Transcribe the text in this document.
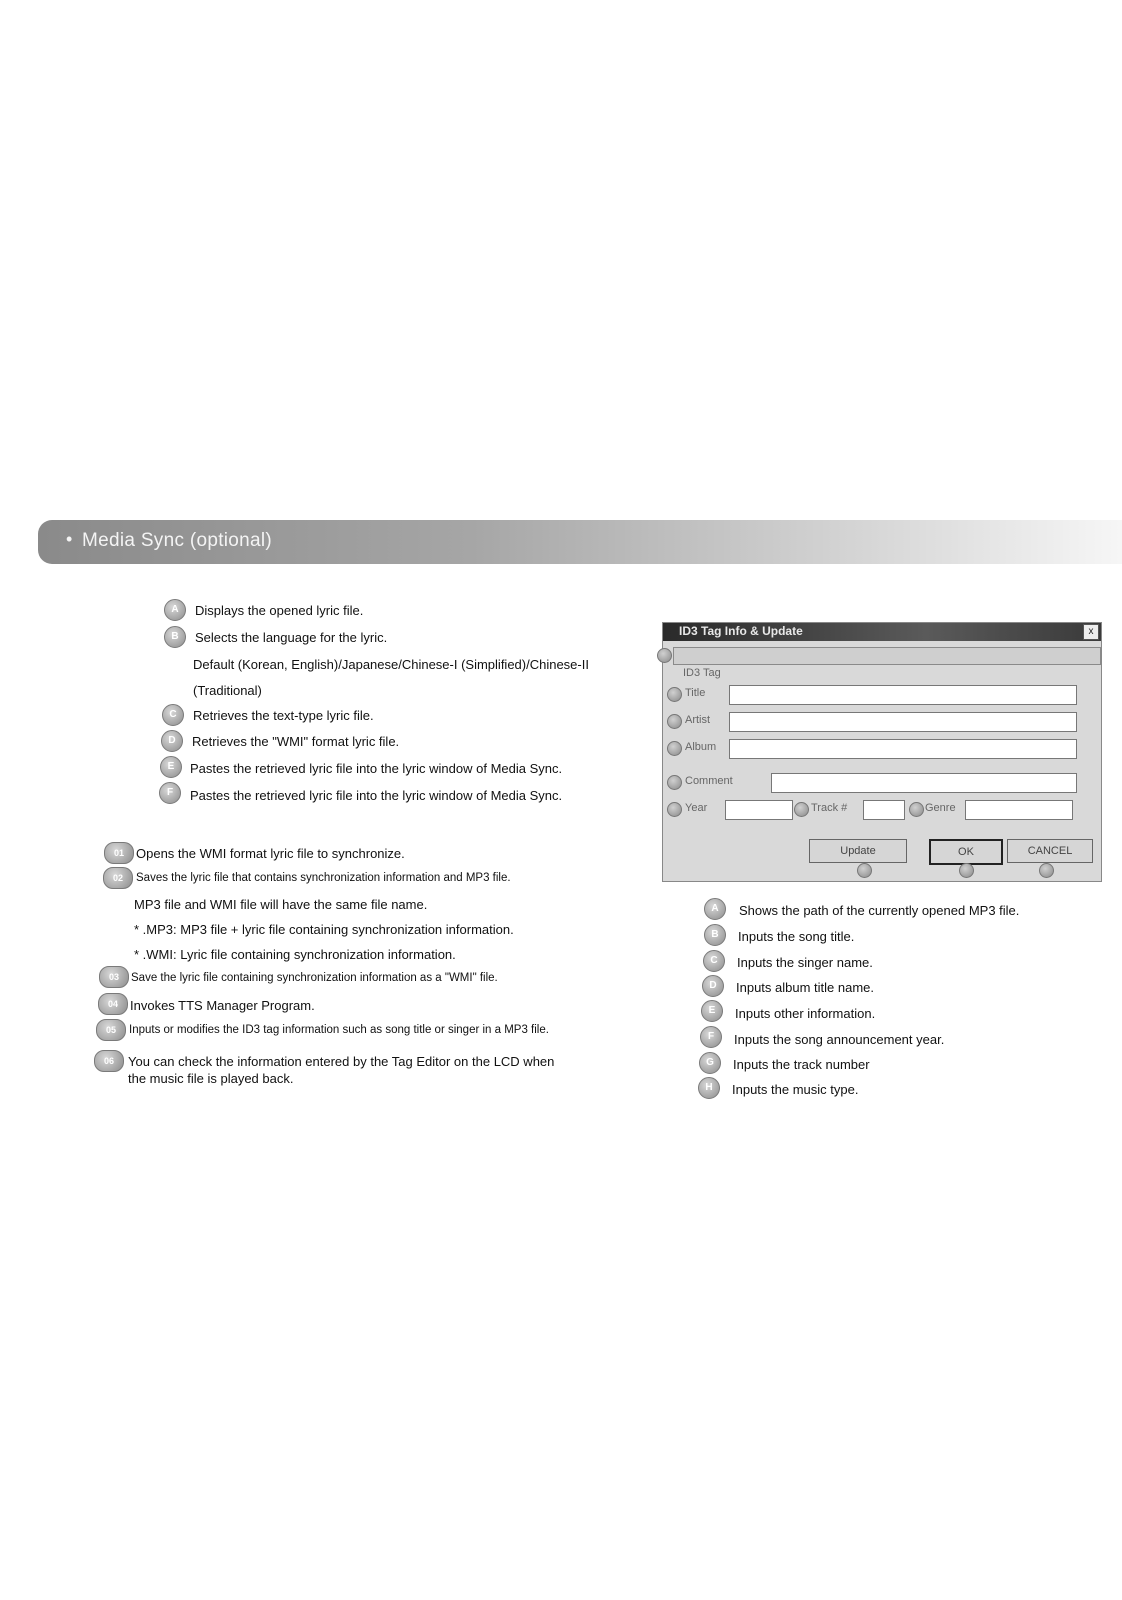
• Media Sync (optional)
A	Displays the opened lyric file.
B	Selects the language for the lyric.
Default (Korean, English)/Japanese/Chinese-I (Simplified)/Chinese-II
(Traditional)
C	Retrieves the text-type lyric file.
D	Retrieves the "WMI" format lyric file.
E	Pastes the retrieved lyric file into the lyric window of Media Sync.
F	Pastes the retrieved lyric file into the lyric window of Media Sync.
01 Opens the WMI format lyric file to synchronize.
02	Saves the lyric file that contains synchronization information and MP3 file.
MP3 file and WMI file will have the same file name.
* .MP3: MP3 file + lyric file containing synchronization information.
* .WMI: Lyric file containing synchronization information.
03	Save the lyric file containing synchronization information as a "WMI" file.
04 Invokes TTS Manager Program.
05	Inputs or modifies the ID3 tag information such as song title or singer in a MP3 file.
06	You can check the information entered by the Tag Editor on the LCD when
the music file is played back.
ID3 Tag Info & Update	x
ID3 Tag
Title
Artist
Album
Comment
Year	Track #	Genre
Update	OK	CANCEL
A	Shows the path of the currently opened MP3 file.
B	Inputs the song title.
C	Inputs the singer name.
D	Inputs album title name.
E	Inputs other information.
F	Inputs the song announcement year.
G	Inputs the track number
H	Inputs the music type.
